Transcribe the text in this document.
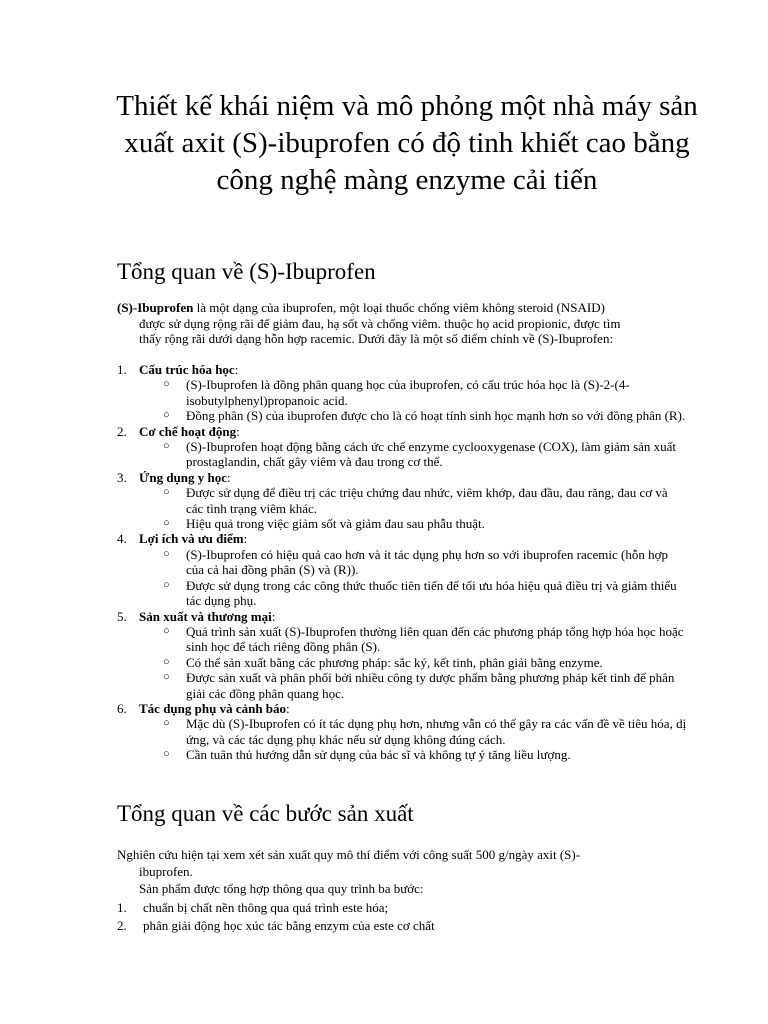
Thiết kế khái niệm và mô phỏng một nhà máy sản xuất axit (S)-ibuprofen có độ tinh khiết cao bằng công nghệ màng enzyme cải tiến
Tổng quan về (S)-Ibuprofen

(S)-Ibuprofen là một dạng của ibuprofen, một loại thuốc chống viêm không steroid (NSAID)
được sử dụng rộng rãi để giảm đau, hạ sốt và chống viêm. thuộc họ acid propionic, được tìm
thấy rộng rãi dưới dạng hỗn hợp racemic. Dưới đây là một số điểm chính về (S)-Ibuprofen:

1. Cấu trúc hóa học:
○ (S)-Ibuprofen là đồng phân quang học của ibuprofen, có cấu trúc hóa học là (S)-2-(4-isobutylphenyl)propanoic acid.
○ Đồng phân (S) của ibuprofen được cho là có hoạt tính sinh học mạnh hơn so với đồng phân (R).
2. Cơ chế hoạt động:
○ (S)-Ibuprofen hoạt động bằng cách ức chế enzyme cyclooxygenase (COX), làm giảm sản xuất prostaglandin, chất gây viêm và đau trong cơ thể.
3. Ứng dụng y học:
○ Được sử dụng để điều trị các triệu chứng đau nhức, viêm khớp, đau đầu, đau răng, đau cơ và các tình trạng viêm khác.
○ Hiệu quả trong việc giảm sốt và giảm đau sau phẫu thuật.
4. Lợi ích và ưu điểm:
○ (S)-Ibuprofen có hiệu quả cao hơn và ít tác dụng phụ hơn so với ibuprofen racemic (hỗn hợp của cả hai đồng phân (S) và (R)).
○ Được sử dụng trong các công thức thuốc tiên tiến để tối ưu hóa hiệu quả điều trị và giảm thiểu tác dụng phụ.
5. Sản xuất và thương mại:
○ Quá trình sản xuất (S)-Ibuprofen thường liên quan đến các phương pháp tổng hợp hóa học hoặc sinh học để tách riêng đồng phân (S).
○ Có thể sản xuất bằng các phương pháp: sắc ký, kết tinh, phân giải bằng enzyme.
○ Được sản xuất và phân phối bởi nhiều công ty dược phẩm bằng phương pháp kết tinh để phân giải các đồng phân quang học.
6. Tác dụng phụ và cảnh báo:
○ Mặc dù (S)-Ibuprofen có ít tác dụng phụ hơn, nhưng vẫn có thể gây ra các vấn đề về tiêu hóa, dị ứng, và các tác dụng phụ khác nếu sử dụng không đúng cách.
○ Cần tuân thủ hướng dẫn sử dụng của bác sĩ và không tự ý tăng liều lượng.
Tổng quan về các bước sản xuất

Nghiên cứu hiện tại xem xét sản xuất quy mô thí điểm với công suất 500 g/ngày axit (S)-
ibuprofen.
Sản phẩm được tổng hợp thông qua quy trình ba bước:

1. chuẩn bị chất nền thông qua quá trình este hóa;
2. phân giải động học xúc tác bằng enzym của este cơ chất
